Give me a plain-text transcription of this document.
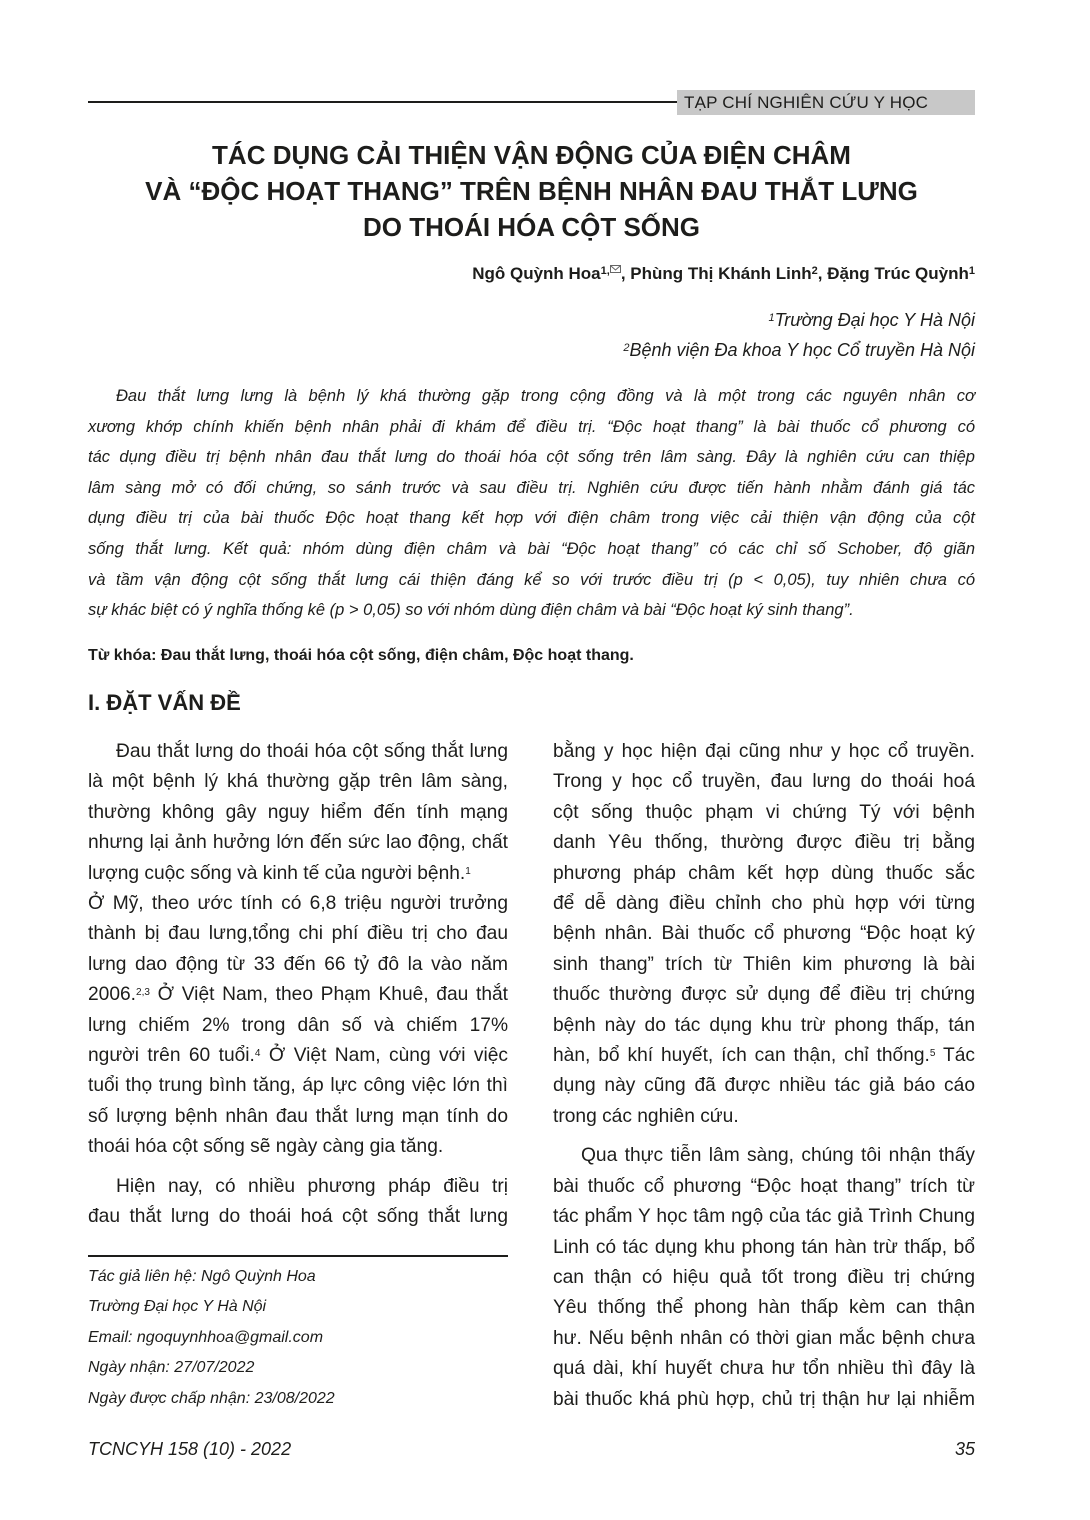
TẠP CHÍ NGHIÊN CỨU Y HỌC
TÁC DỤNG CẢI THIỆN VẬN ĐỘNG CỦA ĐIỆN CHÂM
VÀ “ĐỘC HOẠT THANG” TRÊN BỆNH NHÂN ĐAU THẮT LƯNG
DO THOÁI HÓA CỘT SỐNG
Ngô Quỳnh Hoa$^{1,}$ , Phùng Thị Khánh Linh$^2$, Đặng Trúc Quỳnh$^1$
$^1$Trường Đại học Y Hà Nội
$^2$Bệnh viện Đa khoa Y học Cổ truyền Hà Nội
Đau thắt lưng lưng là bệnh lý khá thường gặp trong cộng đồng và là một trong các nguyên nhân cơ
xương khớp chính khiến bệnh nhân phải đi khám để điều trị. “Độc hoạt thang” là bài thuốc cổ phương có
tác dụng điều trị bệnh nhân đau thắt lưng do thoái hóa cột sống trên lâm sàng. Đây là nghiên cứu can thiệp
lâm sàng mở có đối chứng, so sánh trước và sau điều trị. Nghiên cứu được tiến hành nhằm đánh giá tác
dụng điều trị của bài thuốc Độc hoạt thang kết hợp với điện châm trong việc cải thiện vận động của cột
sống thắt lưng. Kết quả: nhóm dùng điện châm và bài “Độc hoạt thang” có các chỉ số Schober, độ giãn
và tầm vận động cột sống thắt lưng cái thiện đáng kể so với trước điều trị (p < 0,05), tuy nhiên chưa có
sự khác biệt có ý nghĩa thống kê (p > 0,05) so với nhóm dùng điện châm và bài “Độc hoạt ký sinh thang”.
Từ khóa: Đau thắt lưng, thoái hóa cột sống, điện châm, Độc hoạt thang.
I. ĐẶT VẤN ĐỀ
Đau thắt lưng do thoái hóa cột sống thắt lưng
là một bệnh lý khá thường gặp trên lâm sàng,
thường không gây nguy hiểm đến tính mạng
nhưng lại ảnh hưởng lớn đến sức lao động, chất
lượng cuộc sống và kinh tế của người bệnh.$^1$
Ở Mỹ, theo ước tính có 6,8 triệu người trưởng
thành bị đau lưng,tổng chi phí điều trị cho đau
lưng dao động từ 33 đến 66 tỷ đô la vào năm
2006.$^{2,3}$ Ở Việt Nam, theo Phạm Khuê, đau thắt
lưng chiếm 2% trong dân số và chiếm 17%
người trên 60 tuổi.$^4$ Ở Việt Nam, cùng với việc
tuổi thọ trung bình tăng, áp lực công việc lớn thì
số lượng bệnh nhân đau thắt lưng mạn tính do
thoái hóa cột sống sẽ ngày càng gia tăng.
Hiện nay, có nhiều phương pháp điều trị
đau thắt lưng do thoái hoá cột sống thắt lưng
Tác giả liên hệ: Ngô Quỳnh Hoa
Trường Đại học Y Hà Nội
Email: ngoquynhhoa@gmail.com
Ngày nhận: 27/07/2022
Ngày được chấp nhận: 23/08/2022
bằng y học hiện đại cũng như y học cổ truyền.
Trong y học cổ truyền, đau lưng do thoái hoá
cột sống thuộc phạm vi chứng Tý với bệnh
danh Yêu thống, thường được điều trị bằng
phương pháp châm kết hợp dùng thuốc sắc
để dễ dàng điều chỉnh cho phù hợp với từng
bệnh nhân. Bài thuốc cổ phương “Độc hoạt ký
sinh thang” trích từ Thiên kim phương là bài
thuốc thường được sử dụng để điều trị chứng
bệnh này do tác dụng khu trừ phong thấp, tán
hàn, bổ khí huyết, ích can thận, chỉ thống.$^5$ Tác
dụng này cũng đã được nhiều tác giả báo cáo
trong các nghiên cứu.
Qua thực tiễn lâm sàng, chúng tôi nhận thấy
bài thuốc cổ phương “Độc hoạt thang” trích từ
tác phẩm Y học tâm ngộ của tác giả Trình Chung
Linh có tác dụng khu phong tán hàn trừ thấp, bổ
can thận có hiệu quả tốt trong điều trị chứng
Yêu thống thể phong hàn thấp kèm can thận
hư. Nếu bệnh nhân có thời gian mắc bệnh chưa
quá dài, khí huyết chưa hư tổn nhiều thì đây là
bài thuốc khá phù hợp, chủ trị thận hư lại nhiễm
TCNCYH 158 (10) - 2022	35
